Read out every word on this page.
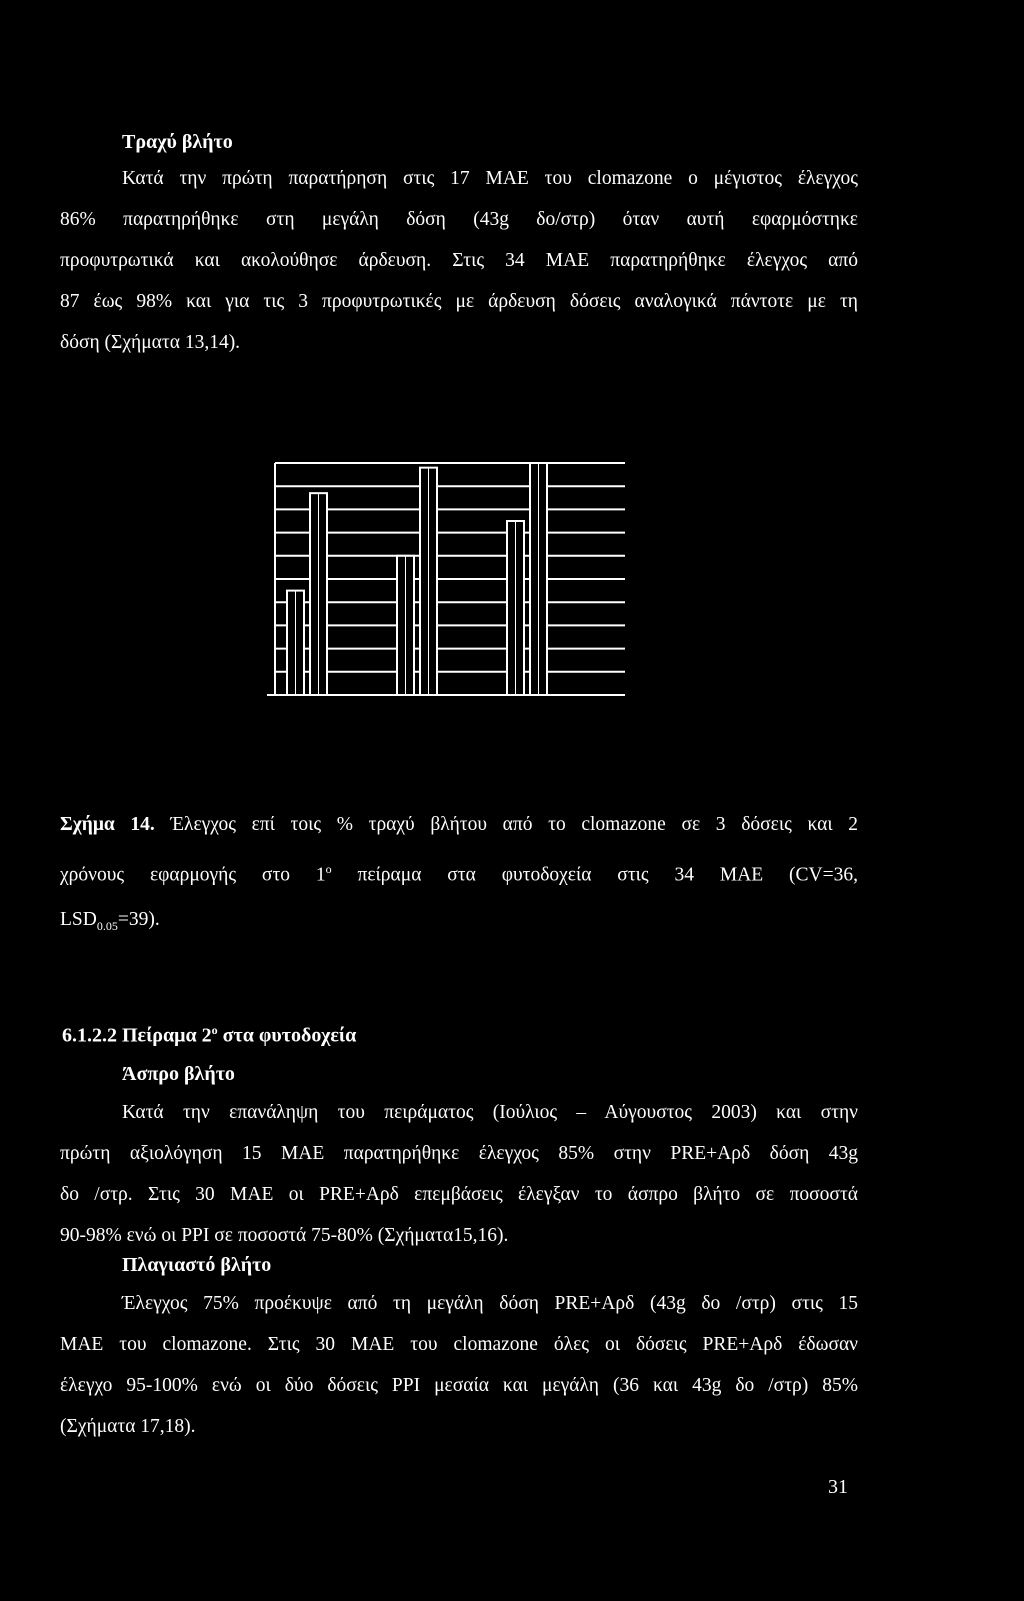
Τραχύ βλήτο
Κατά την πρώτη παρατήρηση στις 17 ΜΑΕ του clomazone ο μέγιστος έλεγχος
86% παρατηρήθηκε στη μεγάλη δόση (43g δο/στρ) όταν αυτή εφαρμόστηκε
προφυτρωτικά και ακολούθησε άρδευση. Στις 34 ΜΑΕ παρατηρήθηκε έλεγχος από
87 έως 98% και για τις 3 προφυτρωτικές με άρδευση δόσεις αναλογικά πάντοτε με τη
δόση (Σχήματα 13,14).
Σχήμα 14. Έλεγχος επί τοις % τραχύ βλήτου από το clomazone σε 3 δόσεις και 2
χρόνους εφαρμογής στο $1^o$ πείραμα στα φυτοδοχεία στις 34 ΜΑΕ (CV=36,
$LSD_{0.05}=39$).
6.1.2.2 Πείραμα $2^o$ στα φυτοδοχεία
Άσπρο βλήτο
Κατά την επανάληψη του πειράματος (Ιούλιος – Αύγουστος 2003) και στην
πρώτη αξιολόγηση 15 ΜΑΕ παρατηρήθηκε έλεγχος 85% στην PRE+Αρδ δόση 43g
δο /στρ. Στις 30 ΜΑΕ οι PRE+Αρδ επεμβάσεις έλεγξαν το άσπρο βλήτο σε ποσοστά
90-98% ενώ οι PPI σε ποσοστά 75-80% (Σχήματα15,16).
Πλαγιαστό βλήτο
Έλεγχος 75% προέκυψε από τη μεγάλη δόση PRE+Αρδ (43g δο /στρ) στις 15
ΜΑΕ του clomazone. Στις 30 ΜΑΕ του clomazone όλες οι δόσεις PRE+Αρδ έδωσαν
έλεγχο 95-100% ενώ οι δύο δόσεις PPI μεσαία και μεγάλη (36 και 43g δο /στρ) 85%
(Σχήματα 17,18).
31
